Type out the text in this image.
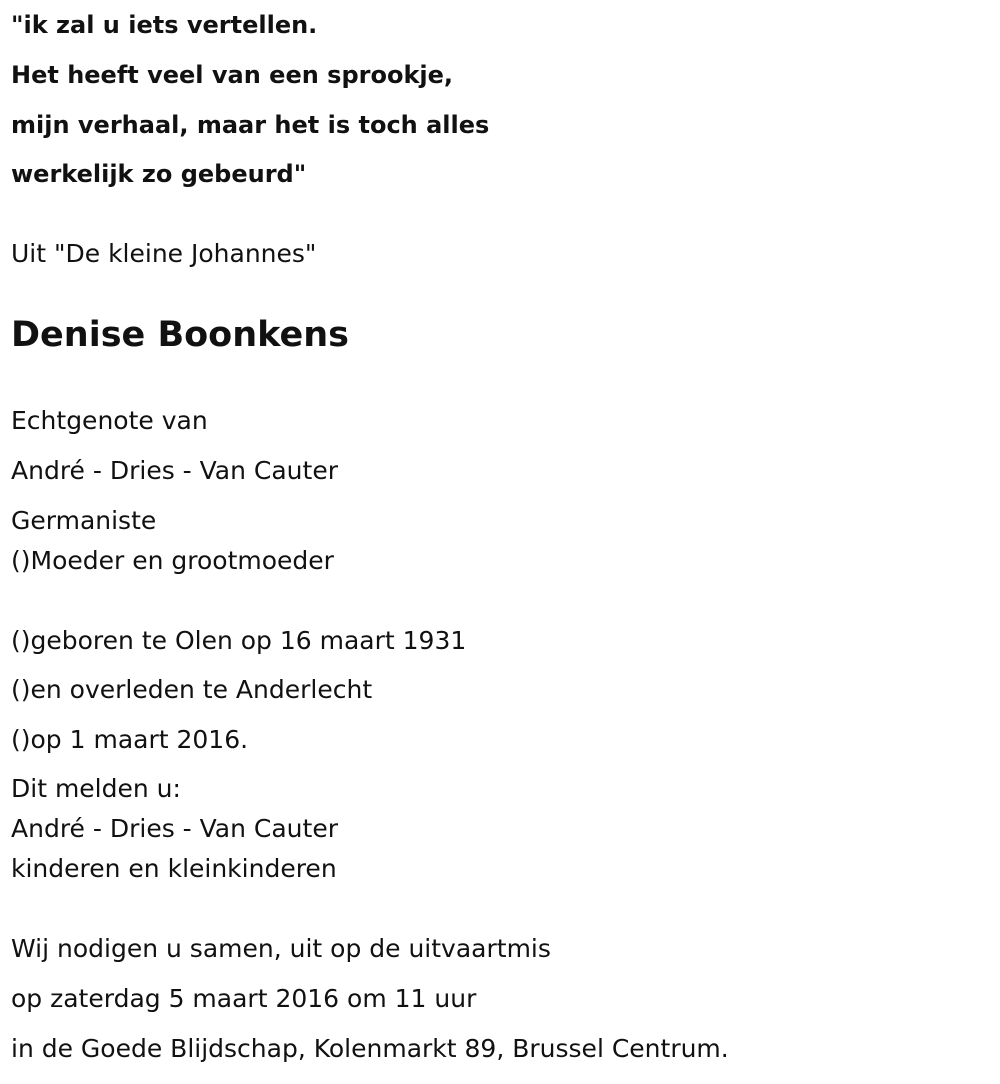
"ik zal u iets vertellen.

Het heeft veel van een sprookje,

mijn verhaal, maar het is toch alles

werkelijk zo gebeurd"

Uit "De kleine Johannes"

Denise Boonkens

Echtgenote van

André - Dries - Van Cauter

Germaniste

()Moeder en grootmoeder

()geboren te Olen op 16 maart 1931

()en overleden te Anderlecht

()op 1 maart 2016.

Dit melden u:

André - Dries - Van Cauter

kinderen en kleinkinderen

Wij nodigen u samen, uit op de uitvaartmis

op zaterdag 5 maart 2016 om 11 uur

in de Goede Blijdschap, Kolenmarkt 89, Brussel Centrum.
